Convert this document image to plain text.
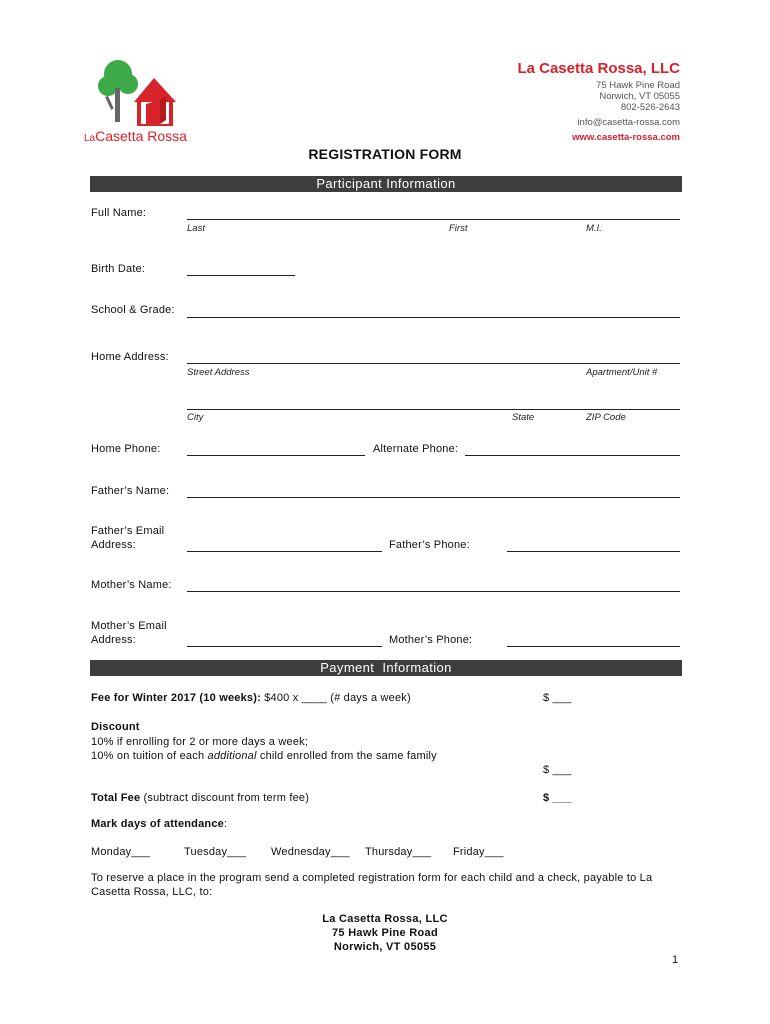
LaCasetta Rossa
La Casetta Rossa, LLC
75 Hawk Pine Road
Norwich, VT 05055
802-526-2643
info@casetta-rossa.com
www.casetta-rossa.com
REGISTRATION FORM
Participant Information
Full Name:
Last	First	M.I.
Birth Date:
School & Grade:
Home Address:
Street Address	Apartment/Unit #
City	State	ZIP Code
Home Phone:	Alternate Phone:
Father’s Name:
Father’s Email
Address:	Father’s Phone:
Mother’s Name:
Mother’s Email
Address:	Mother’s Phone:
Payment  Information
Fee for Winter 2017 (10 weeks): $400 x ____ (# days a week)	$ ___
Discount
10% if enrolling for 2 or more days a week;
10% on tuition of each additional child enrolled from the same family
$ ___
Total Fee (subtract discount from term fee)	$ ___
Mark days of attendance:
Monday___	Tuesday___ Wednesday___ Thursday___ Friday___
To reserve a place in the program send a completed registration form for each child and a check, payable to La
Casetta Rossa, LLC, to:
La Casetta Rossa, LLC
75 Hawk Pine Road
Norwich, VT 05055
1
